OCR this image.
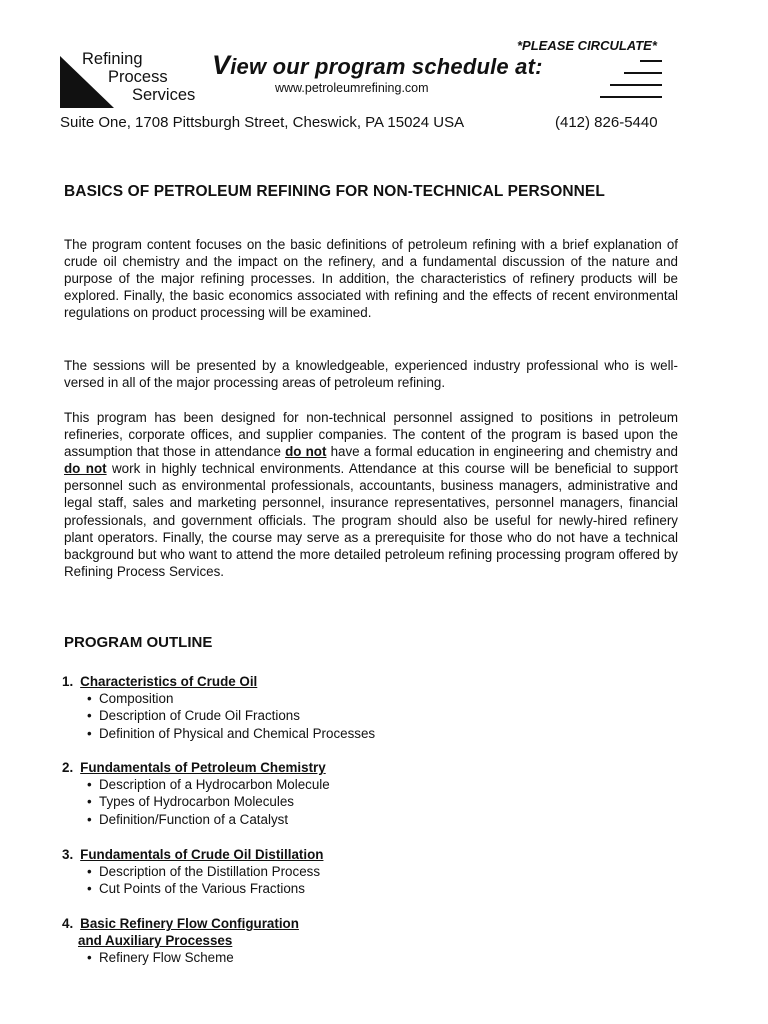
Refining
Process
Services
*PLEASE CIRCULATE*
View our program schedule at:
www.petroleumrefining.com
Suite One, 1708 Pittsburgh Street, Cheswick, PA 15024 USA	(412) 826-5440
BASICS OF PETROLEUM REFINING FOR NON-TECHNICAL PERSONNEL

The program content focuses on the basic definitions of petroleum refining with a brief explanation of crude oil chemistry and the impact on the refinery, and a fundamental discussion of the nature and purpose of the major refining processes. In addition, the characteristics of refinery products will be explored. Finally, the basic economics associated with refining and the effects of recent environmental regulations on product processing will be examined.

The sessions will be presented by a knowledgeable, experienced industry professional who is well-versed in all of the major processing areas of petroleum refining.

This program has been designed for non-technical personnel assigned to positions in petroleum refineries, corporate offices, and supplier companies. The content of the program is based upon the assumption that those in attendance do not have a formal education in engineering and chemistry and do not work in highly technical environments. Attendance at this course will be beneficial to support personnel such as environmental professionals, accountants, business managers, administrative and legal staff, sales and marketing personnel, insurance representatives, personnel managers, financial professionals, and government officials. The program should also be useful for newly-hired refinery plant operators. Finally, the course may serve as a prerequisite for those who do not have a technical background but who want to attend the more detailed petroleum refining processing program offered by Refining Process Services.

PROGRAM OUTLINE
1. Characteristics of Crude Oil
• Composition
• Description of Crude Oil Fractions
• Definition of Physical and Chemical Processes
2. Fundamentals of Petroleum Chemistry
• Description of a Hydrocarbon Molecule
• Types of Hydrocarbon Molecules
• Definition/Function of a Catalyst
3. Fundamentals of Crude Oil Distillation
• Description of the Distillation Process
• Cut Points of the Various Fractions
4. Basic Refinery Flow Configuration
and Auxiliary Processes
• Refinery Flow Scheme
